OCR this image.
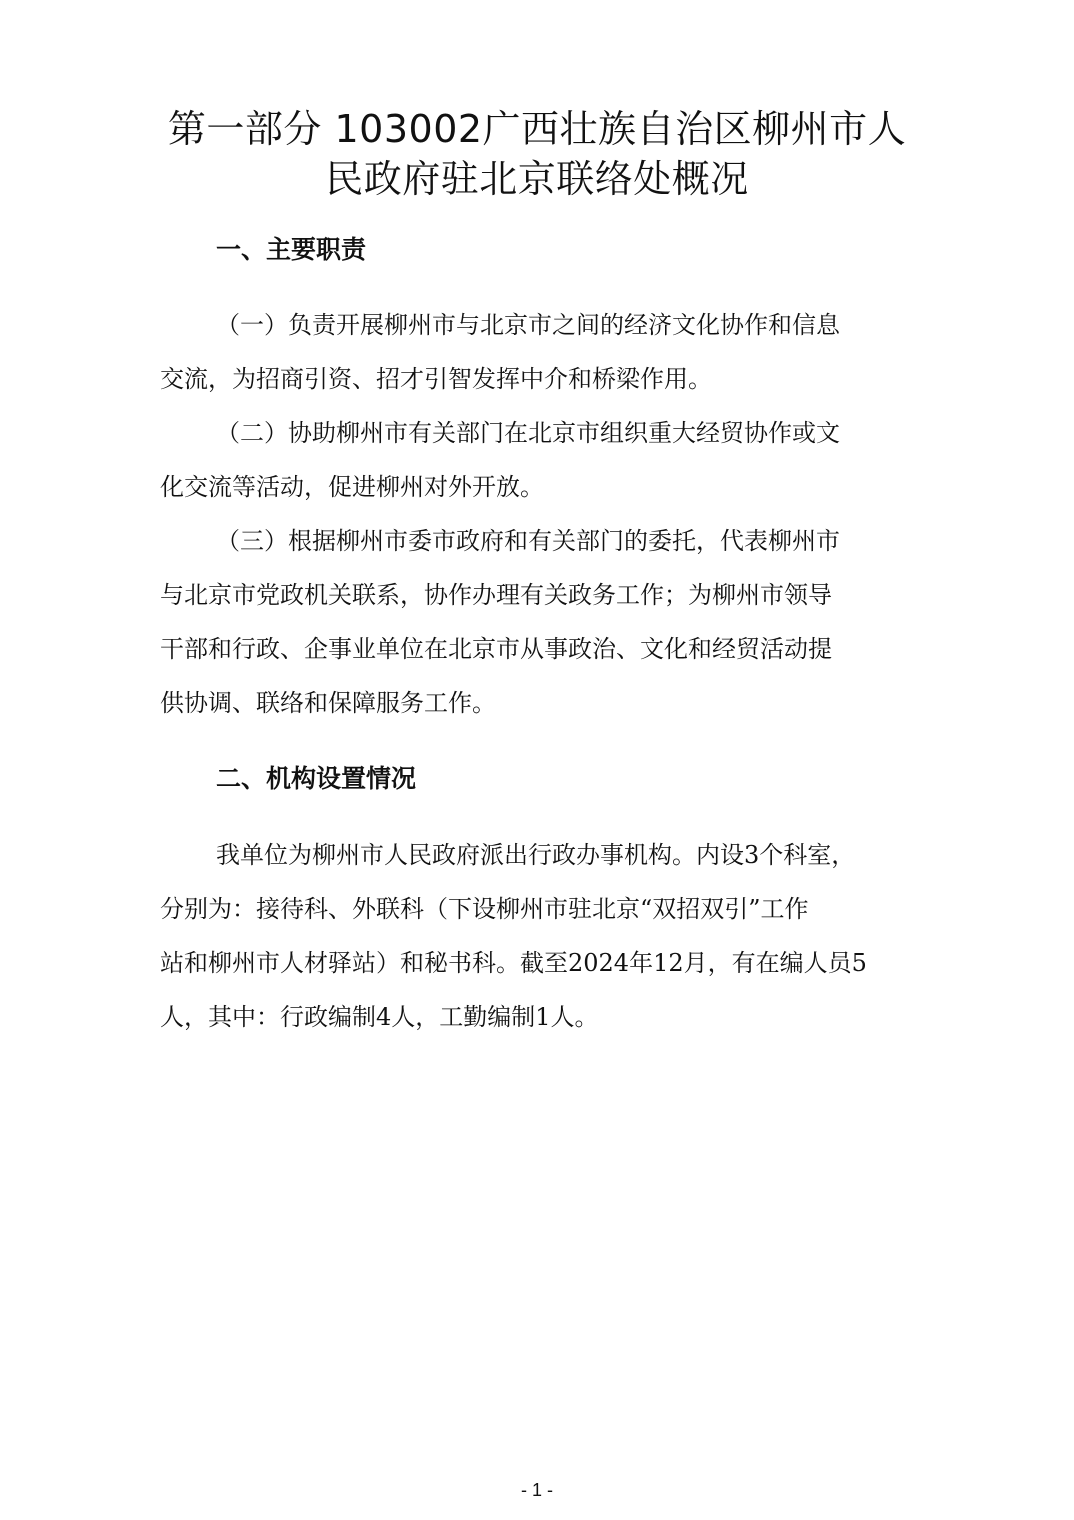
第一部分 103002广西壮族自治区柳州市人
民政府驻北京联络处概况
一、主要职责

（一）负责开展柳州市与北京市之间的经济文化协作和信息
交流，为招商引资、招才引智发挥中介和桥梁作用。

（二）协助柳州市有关部门在北京市组织重大经贸协作或文
化交流等活动，促进柳州对外开放。

（三）根据柳州市委市政府和有关部门的委托，代表柳州市
与北京市党政机关联系，协作办理有关政务工作；为柳州市领导
干部和行政、企事业单位在北京市从事政治、文化和经贸活动提
供协调、联络和保障服务工作。

二、机构设置情况

我单位为柳州市人民政府派出行政办事机构。内设3个科室，
分别为：接待科、外联科（下设柳州市驻北京“双招双引”工作
站和柳州市人材驿站）和秘书科。截至2024年12月，有在编人员5
人，其中：行政编制4人，工勤编制1人。

- 1 -
